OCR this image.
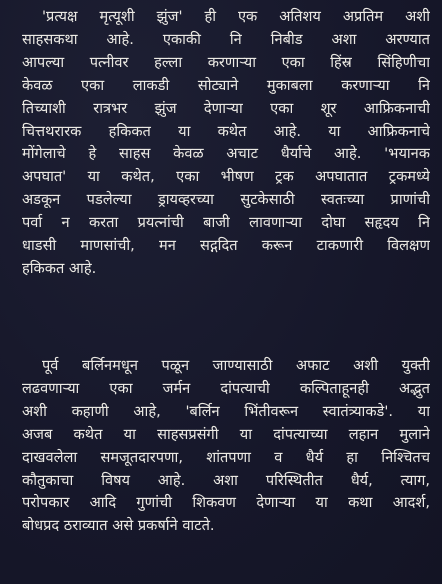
'प्रत्यक्ष मृत्यूशी झुंज' ही एक अतिशय अप्रतिम अशी
साहसकथा आहे. एकाकी नि निबीड अशा अरण्यात
आपल्या पत्नीवर हल्ला करणाऱ्या एका हिंस्र सिंहिणीचा
केवळ एका लाकडी सोट्याने मुकाबला करणाऱ्या नि
तिच्याशी रात्रभर झुंज देणाऱ्या एका शूर आफ्रिकनाची
चित्तथरारक हकिकत या कथेत आहे. या आफ्रिकनाचे
मोंगेलाचे हे साहस केवळ अचाट धैर्याचे आहे. 'भयानक
अपघात' या कथेत, एका भीषण ट्रक अपघातात ट्रकमध्ये
अडकून पडलेल्या ड्रायव्हरच्या सुटकेसाठी स्वतःच्या प्राणांची
पर्वा न करता प्रयत्नांची बाजी लावणाऱ्या दोघा सहृदय नि
धाडसी माणसांची, मन सद्गदित करून टाकणारी विलक्षण
हकिकत आहे.
पूर्व बर्लिनमधून पळून जाण्यासाठी अफाट अशी युक्ती
लढवणाऱ्या एका जर्मन दांपत्याची कल्पिताहूनही अद्भुत
अशी कहाणी आहे, 'बर्लिन भिंतीवरून स्वातंत्र्याकडे'. या
अजब कथेत या साहसप्रसंगी या दांपत्याच्या लहान मुलाने
दाखवलेला समजूतदारपणा, शांतपणा व धैर्य हा निश्चितच
कौतुकाचा विषय आहे. अशा परिस्थितीत धैर्य, त्याग,
परोपकार आदि गुणांची शिकवण देणाऱ्या या कथा आदर्श,
बोधप्रद ठराव्यात असे प्रकर्षाने वाटते.
